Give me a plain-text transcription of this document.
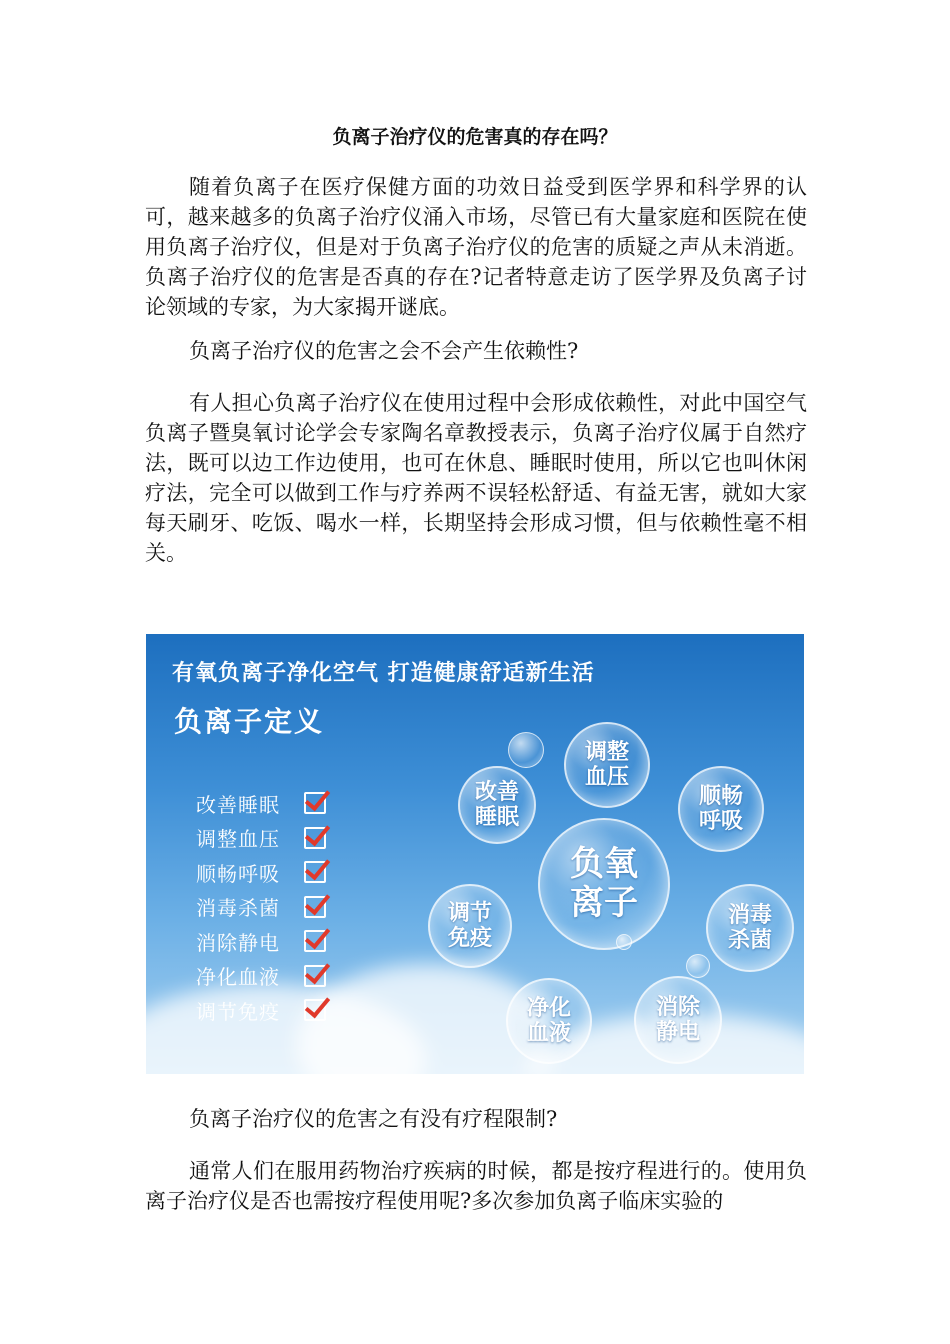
负离子治疗仪的危害真的存在吗？

随着负离子在医疗保健方面的功效日益受到医学界和科学界的认可，越来越多的负离子治疗仪涌入市场，尽管已有大量家庭和医院在使用负离子治疗仪，但是对于负离子治疗仪的危害的质疑之声从未消逝。负离子治疗仪的危害是否真的存在?记者特意走访了医学界及负离子讨论领域的专家，为大家揭开谜底。

负离子治疗仪的危害之会不会产生依赖性?

有人担心负离子治疗仪在使用过程中会形成依赖性，对此中国空气负离子暨臭氧讨论学会专家陶名章教授表示，负离子治疗仪属于自然疗法，既可以边工作边使用，也可在休息、睡眠时使用，所以它也叫休闲疗法，完全可以做到工作与疗养两不误轻松舒适、有益无害，就如大家每天刷牙、吃饭、喝水一样，长期坚持会形成习惯，但与依赖性毫不相关。

有氧负离子净化空气 打造健康舒适新生活
负离子定义
改善睡眠
调整血压
顺畅呼吸
消毒杀菌
消除静电
净化血液
调节免疫
改善
睡眠
调整
血压
顺畅
呼吸
负氧
离子
调节
免疫
消毒
杀菌
净化
血液
消除
静电

负离子治疗仪的危害之有没有疗程限制?

通常人们在服用药物治疗疾病的时候，都是按疗程进行的。使用负离子治疗仪是否也需按疗程使用呢?多次参加负离子临床实验的
